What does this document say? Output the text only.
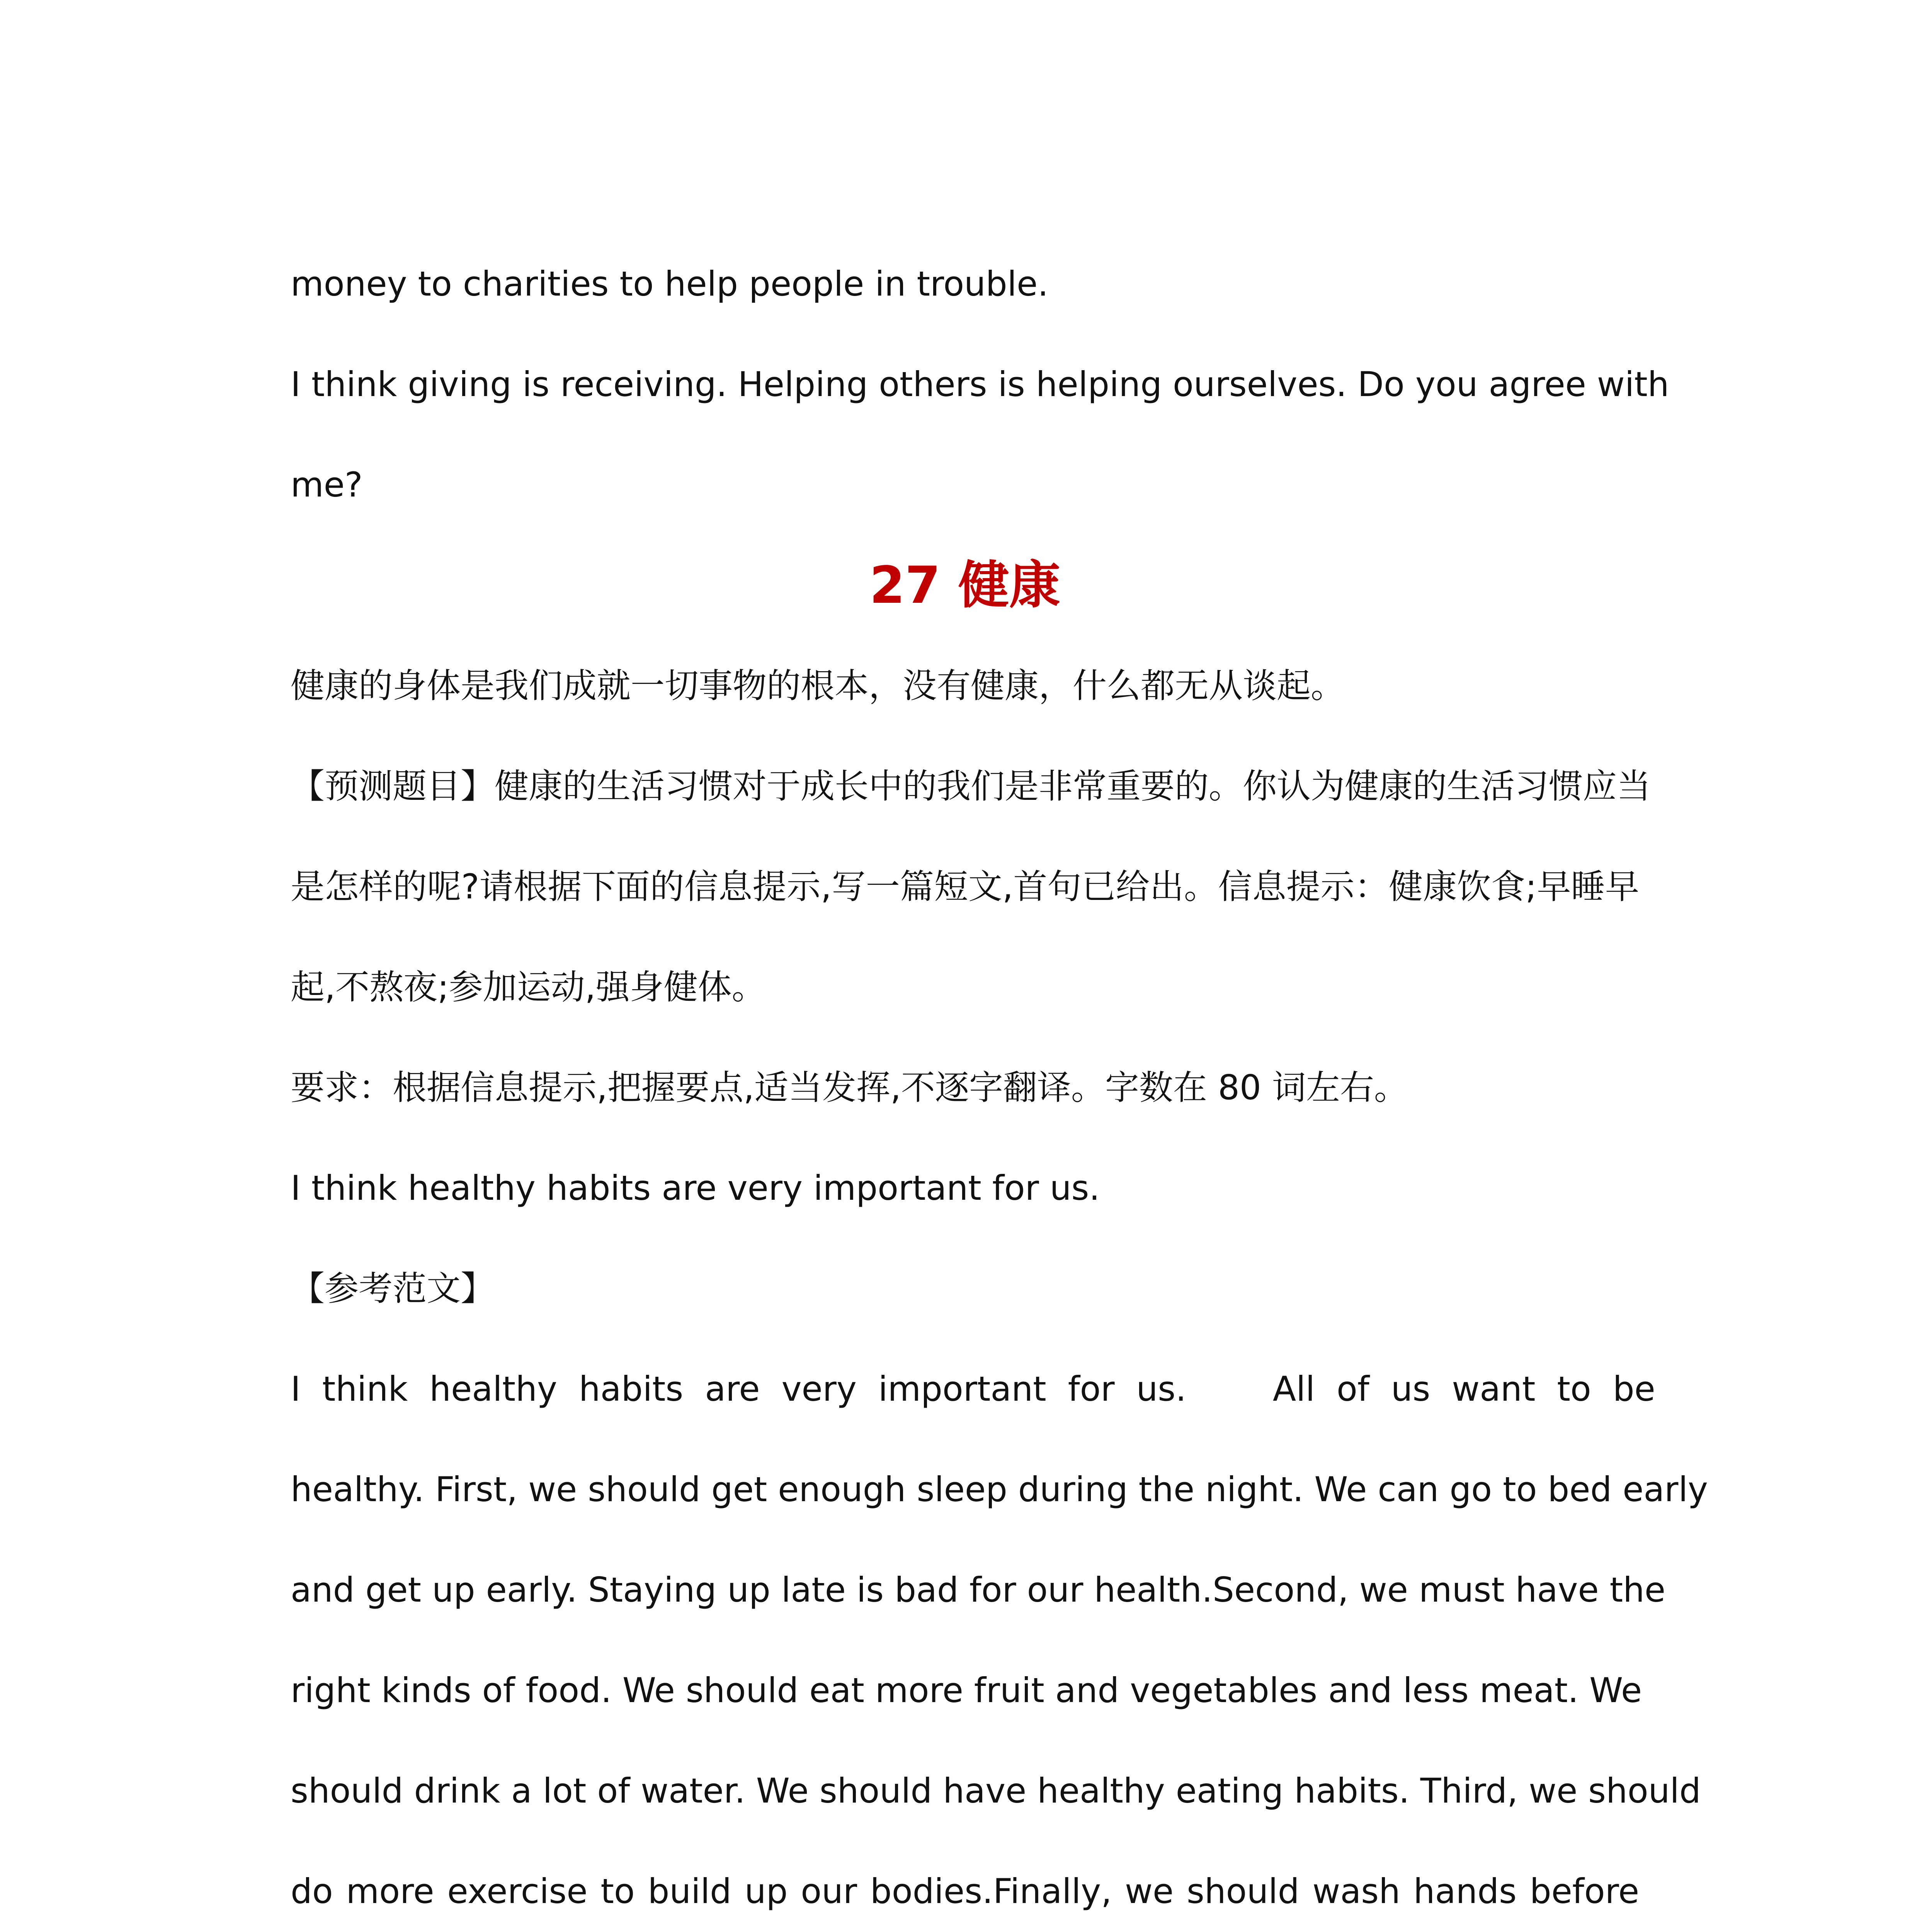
money to charities to help people in trouble.
I think giving is receiving. Helping others is helping ourselves. Do you agree with
me?
27 健康
健康的身体是我们成就一切事物的根本，没有健康，什么都无从谈起。
【预测题目】健康的生活习惯对于成长中的我们是非常重要的。你认为健康的生活习惯应当
是怎样的呢?请根据下面的信息提示,写一篇短文,首句已给出。信息提示：健康饮食;早睡早
起,不熬夜;参加运动,强身健体。
要求：根据信息提示,把握要点,适当发挥,不逐字翻译。字数在 80 词左右。
I think healthy habits are very important for us.
【参考范文】
I  think  healthy  habits  are  very  important  for  us.        All  of  us  want  to  be
healthy. First, we should get enough sleep during the night. We can go to bed early
and get up early. Staying up late is bad for our health.Second, we must have the
right kinds of food. We should eat more fruit and vegetables and less meat. We
should drink a lot of water. We should have healthy eating habits. Third, we should
do more exercise to build up our bodies.Finally, we should wash hands before
